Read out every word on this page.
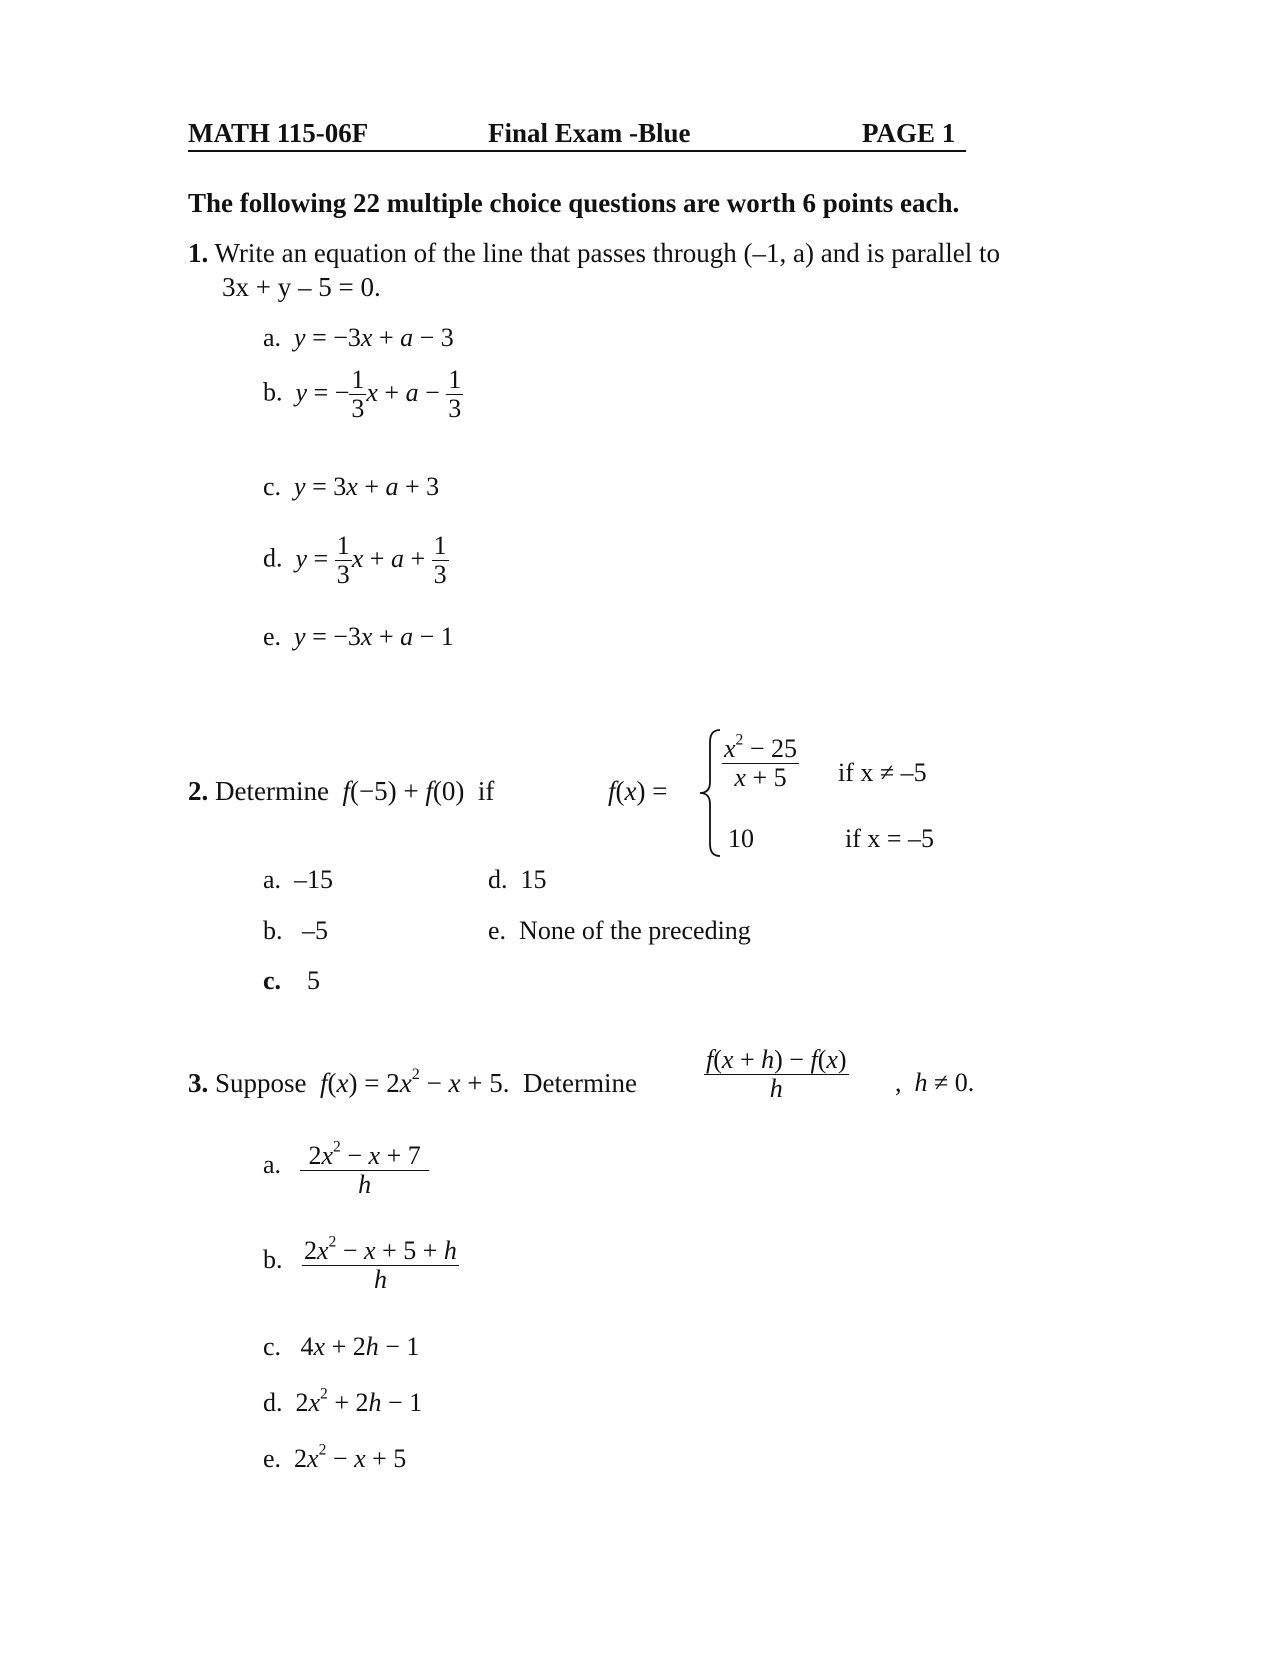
MATH 115-06F	Final Exam -Blue	PAGE 1
The following 22 multiple choice questions are worth 6 points each.
1. Write an equation of the line that passes through (–1, a) and is parallel to
3x + y – 5 = 0.
a. y = −3x + a − 3
b. y = − $\frac{1}{3}$ $x + a - \frac{1}{3}$
c. y = 3x + a + 3
d. $y = \frac{1}{3}$ $x + a + \frac{1}{3}$
e. y = −3x + a − 1
2. Determine f(−5) + f(0) if	$f(x) = \frac{x^2 - 25}{x + 5}$ if x ≠ –5
10	if x = –5
a. –15
b. –5
c. 5
d. 15
e. None of the preceding
3. Suppose $f(x) = 2x^2 - x + 5$. Determine	$\frac{f(x + h) - f(x)}{h}$ ,  h ≠ 0.
a. $\frac{2x^2 - x + 7}{h}$
b. $\frac{2x^2 - x + 5 + h}{h}$
c. 4x + 2h − 1
d. $2x^2 + 2h - 1$
e. $2x^2 - x + 5$
